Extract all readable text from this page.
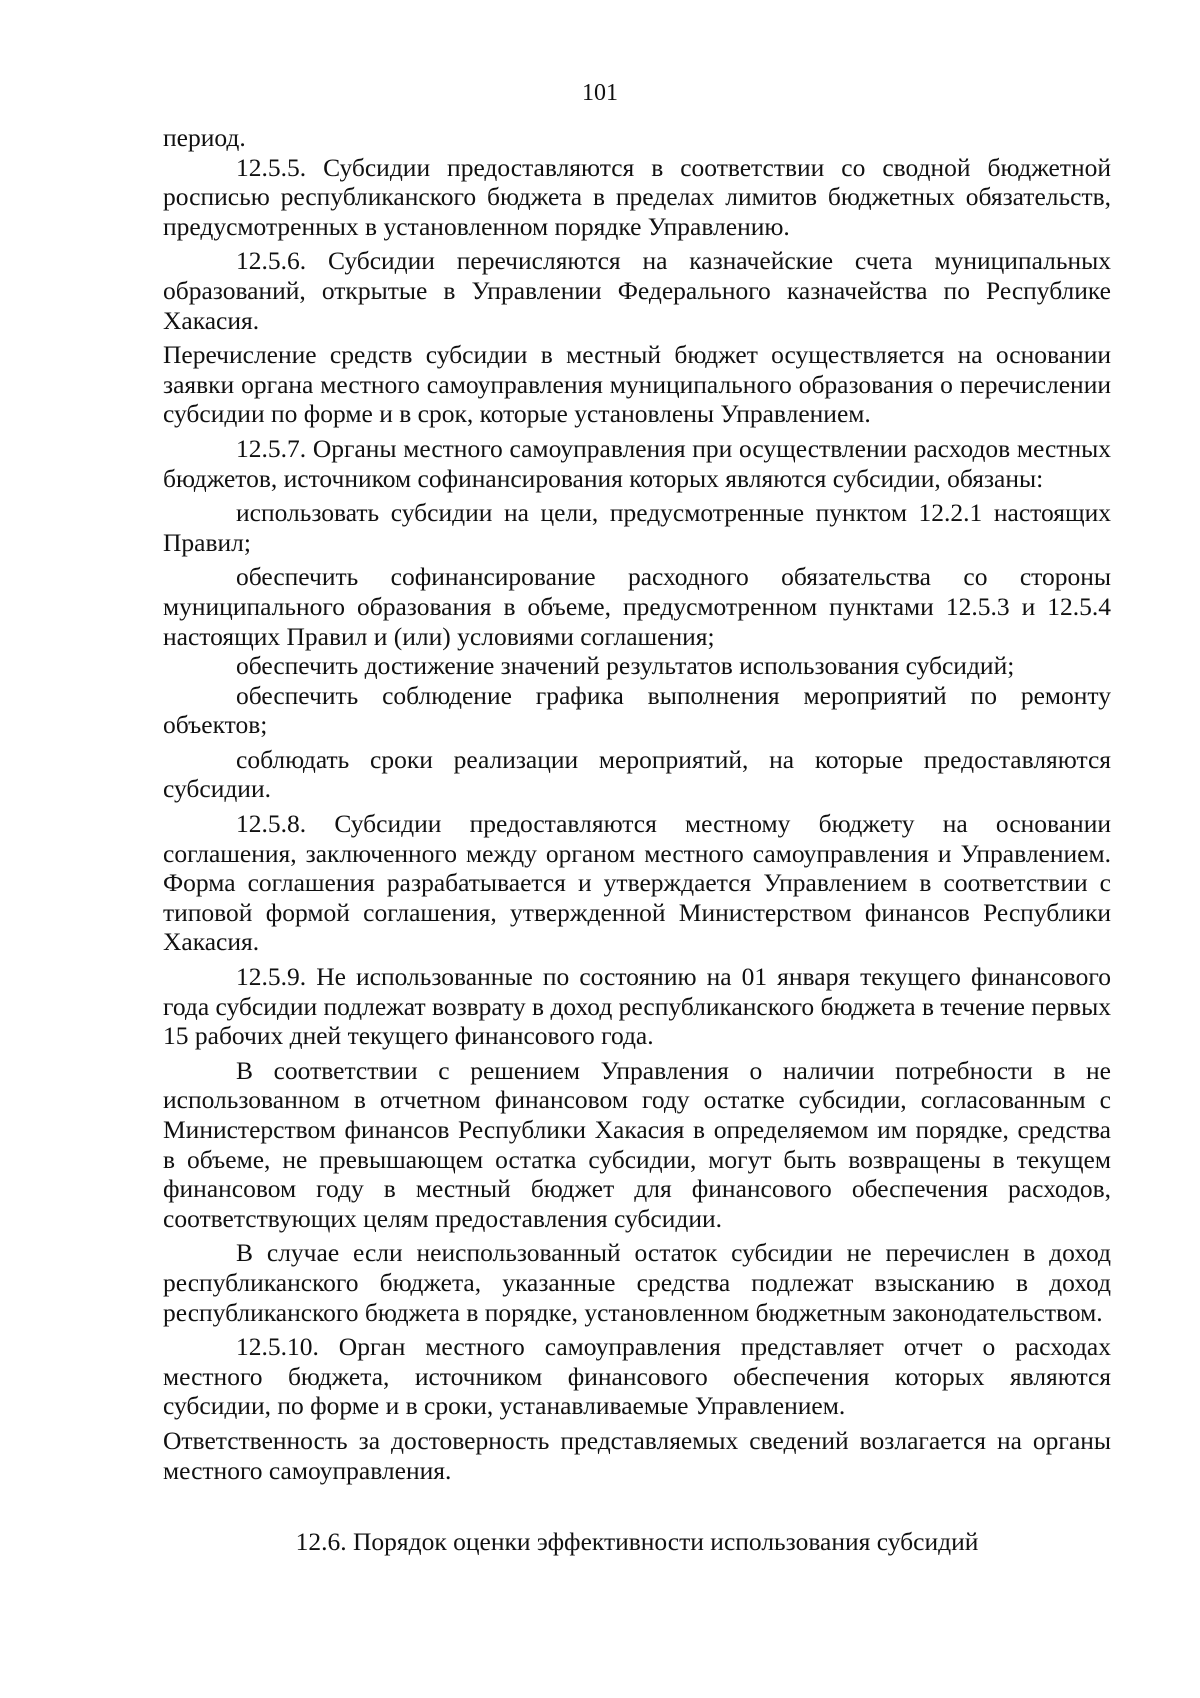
101

период.

12.5.5. Субсидии предоставляются в соответствии со сводной бюджетной росписью республиканского бюджета в пределах лимитов бюджетных обязательств, предусмотренных в установленном порядке Управлению.

12.5.6. Субсидии перечисляются на казначейские счета муниципальных образований, открытые в Управлении Федерального казначейства по Республике Хакасия.

Перечисление средств субсидии в местный бюджет осуществляется на основании заявки органа местного самоуправления муниципального образования о перечислении субсидии по форме и в срок, которые установлены Управлением.

12.5.7. Органы местного самоуправления при осуществлении расходов местных бюджетов, источником софинансирования которых являются субсидии, обязаны:

использовать субсидии на цели, предусмотренные пунктом 12.2.1 настоящих Правил;

обеспечить софинансирование расходного обязательства со стороны муниципального образования в объеме, предусмотренном пунктами 12.5.3 и 12.5.4 настоящих Правил и (или) условиями соглашения;

обеспечить достижение значений результатов использования субсидий;

обеспечить соблюдение графика выполнения мероприятий по ремонту объектов;

соблюдать сроки реализации мероприятий, на которые предоставляются субсидии.

12.5.8. Субсидии предоставляются местному бюджету на основании соглашения, заключенного между органом местного самоуправления и Управлением. Форма соглашения разрабатывается и утверждается Управлением в соответствии с типовой формой соглашения, утвержденной Министерством финансов Республики Хакасия.

12.5.9. Не использованные по состоянию на 01 января текущего финансового года субсидии подлежат возврату в доход республиканского бюджета в течение первых 15 рабочих дней текущего финансового года.

В соответствии с решением Управления о наличии потребности в не использованном в отчетном финансовом году остатке субсидии, согласованным с Министерством финансов Республики Хакасия в определяемом им порядке, средства в объеме, не превышающем остатка субсидии, могут быть возвращены в текущем финансовом году в местный бюджет для финансового обеспечения расходов, соответствующих целям предоставления субсидии.

В случае если неиспользованный остаток субсидии не перечислен в доход республиканского бюджета, указанные средства подлежат взысканию в доход республиканского бюджета в порядке, установленном бюджетным законодательством.

12.5.10. Орган местного самоуправления представляет отчет о расходах местного бюджета, источником финансового обеспечения которых являются субсидии, по форме и в сроки, устанавливаемые Управлением.

Ответственность за достоверность представляемых сведений возлагается на органы местного самоуправления.

12.6. Порядок оценки эффективности использования субсидий
